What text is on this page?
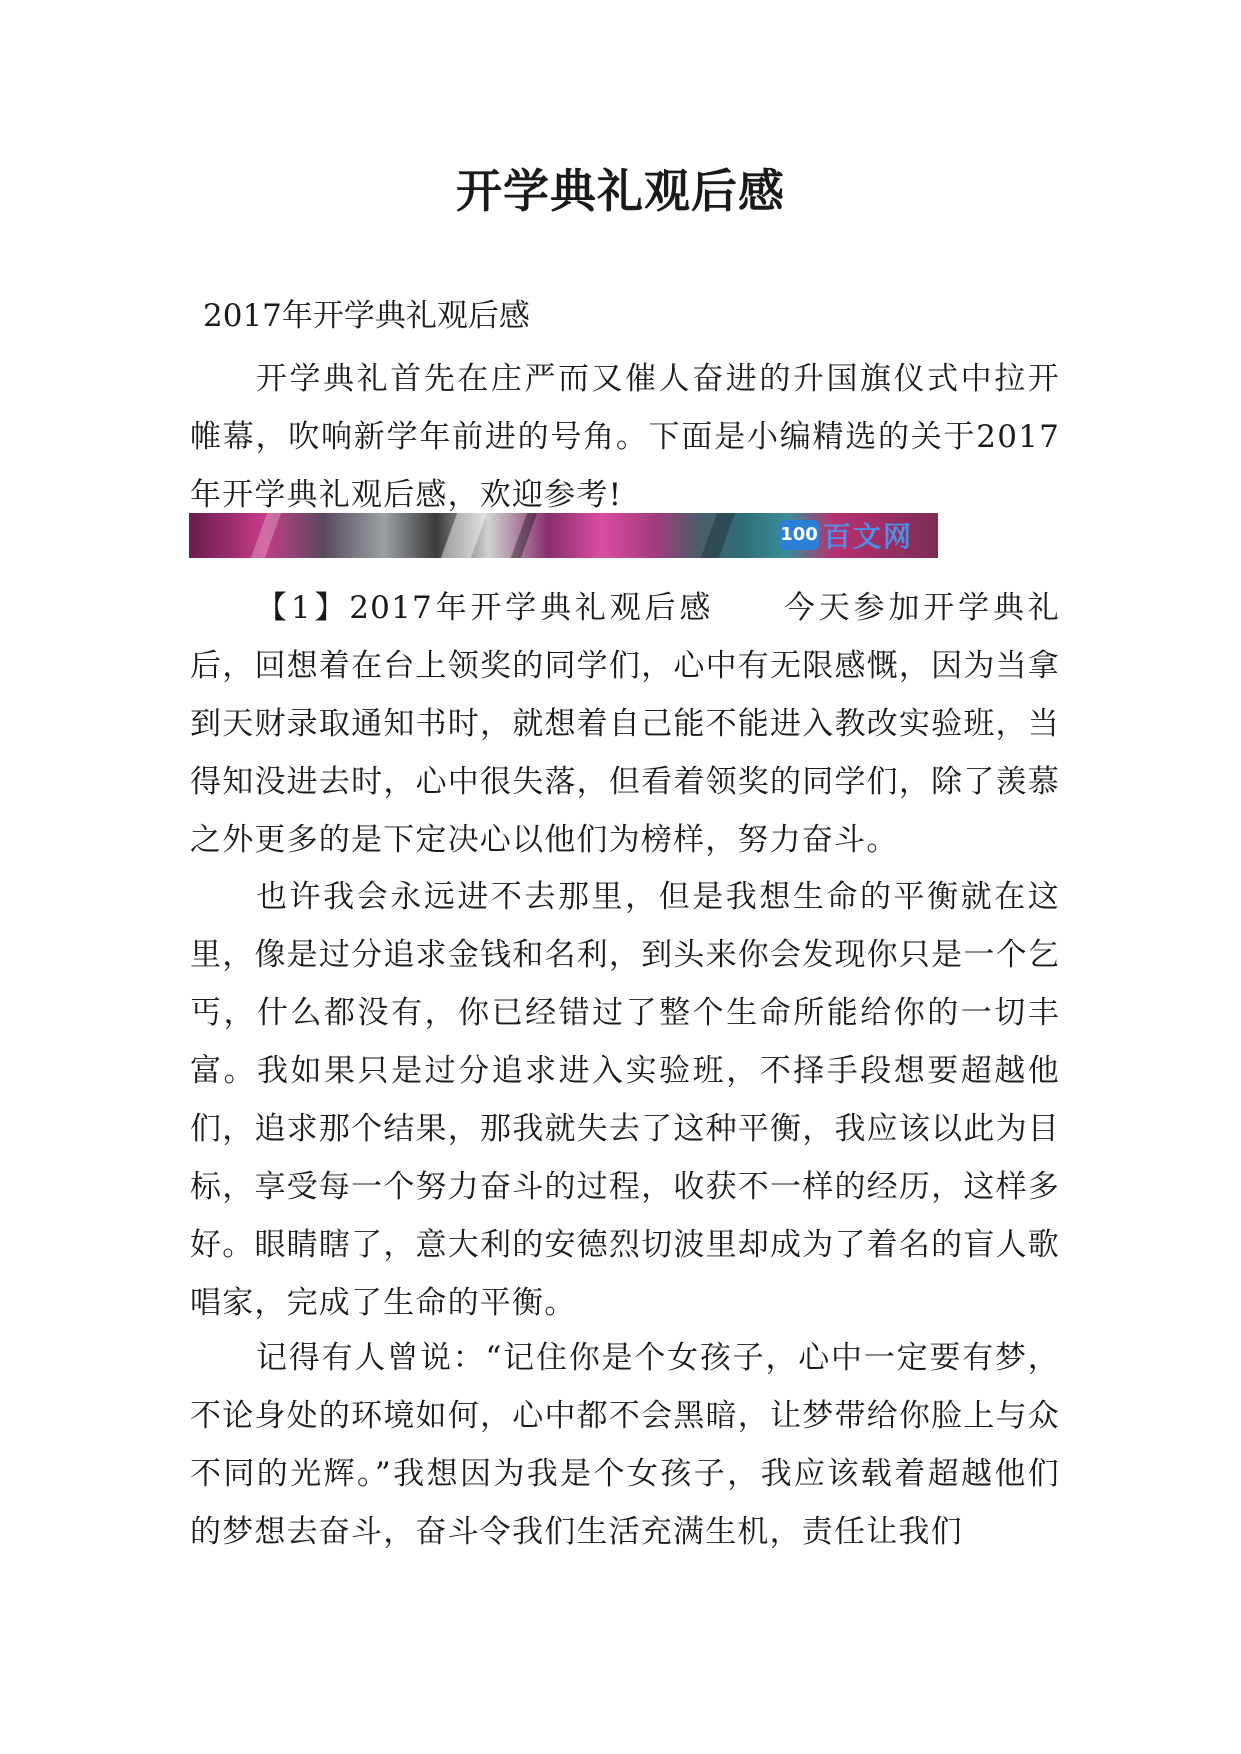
开学典礼观后感

2017年开学典礼观后感

开学典礼首先在庄严而又催人奋进的升国旗仪式中拉开帷幕，吹响新学年前进的号角。下面是小编精选的关于2017年开学典礼观后感，欢迎参考!

100 百文网

【1】2017年开学典礼观后感　　今天参加开学典礼后，回想着在台上领奖的同学们，心中有无限感慨，因为当拿到天财录取通知书时，就想着自己能不能进入教改实验班，当得知没进去时，心中很失落，但看着领奖的同学们，除了羡慕之外更多的是下定决心以他们为榜样，努力奋斗。

也许我会永远进不去那里，但是我想生命的平衡就在这里，像是过分追求金钱和名利，到头来你会发现你只是一个乞丐，什么都没有，你已经错过了整个生命所能给你的一切丰富。我如果只是过分追求进入实验班，不择手段想要超越他们，追求那个结果，那我就失去了这种平衡，我应该以此为目标，享受每一个努力奋斗的过程，收获不一样的经历，这样多好。眼睛瞎了，意大利的安德烈切波里却成为了着名的盲人歌唱家，完成了生命的平衡。

记得有人曾说：“记住你是个女孩子，心中一定要有梦，不论身处的环境如何，心中都不会黑暗，让梦带给你脸上与众不同的光辉。”我想因为我是个女孩子，我应该载着超越他们的梦想去奋斗，奋斗令我们生活充满生机，责任让我们
